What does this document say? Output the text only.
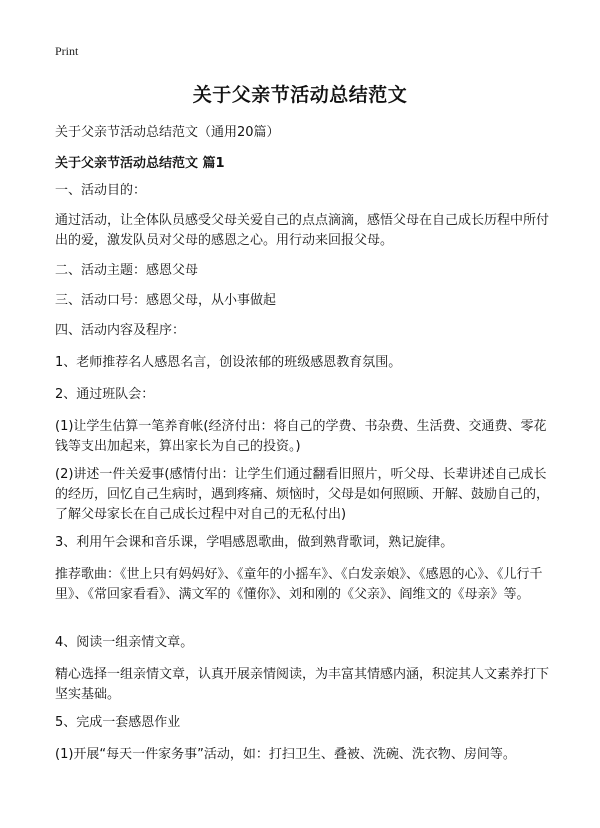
Print
关于父亲节活动总结范文
关于父亲节活动总结范文（通用20篇）
关于父亲节活动总结范文 篇1

一、活动目的：

通过活动，让全体队员感受父母关爱自己的点点滴滴，感悟父母在自己成长历程中所付出的爱，激发队员对父母的感恩之心。用行动来回报父母。

二、活动主题：感恩父母

三、活动口号：感恩父母，从小事做起

四、活动内容及程序：

1、老师推荐名人感恩名言，创设浓郁的班级感恩教育氛围。

2、通过班队会：

(1)让学生估算一笔养育帐(经济付出：将自己的学费、书杂费、生活费、交通费、零花钱等支出加起来，算出家长为自己的投资。)

(2)讲述一件关爱事(感情付出：让学生们通过翻看旧照片，听父母、长辈讲述自己成长的经历，回忆自己生病时，遇到疼痛、烦恼时，父母是如何照顾、开解、鼓励自己的，了解父母家长在自己成长过程中对自己的无私付出)

3、利用午会课和音乐课，学唱感恩歌曲，做到熟背歌词，熟记旋律。

推荐歌曲：《世上只有妈妈好》、《童年的小摇车》、《白发亲娘》、《感恩的心》、《儿行千里》、《常回家看看》、满文军的《懂你》、刘和刚的《父亲》、阎维文的《母亲》等。

4、阅读一组亲情文章。

精心选择一组亲情文章，认真开展亲情阅读，为丰富其情感内涵，积淀其人文素养打下坚实基础。

5、完成一套感恩作业

(1)开展“每天一件家务事”活动，如：打扫卫生、叠被、洗碗、洗衣物、房间等。
